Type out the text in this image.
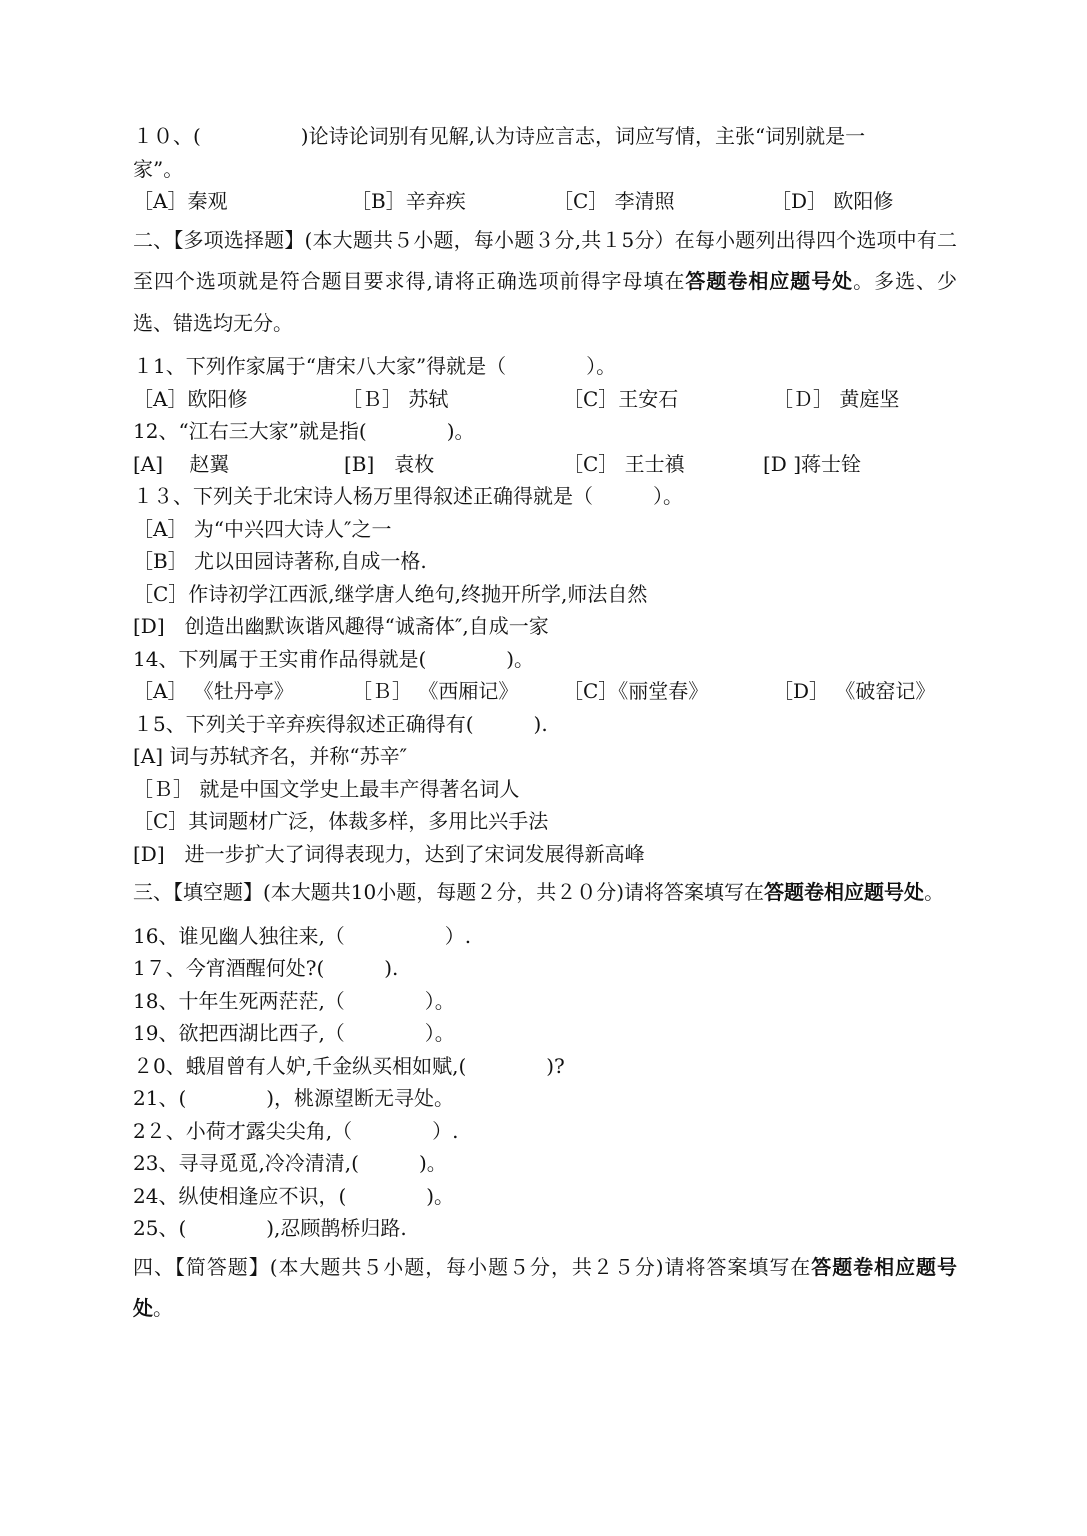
１０、(　　　　　)论诗论词别有见解,认为诗应言志，词应写情，主张“词别就是一
家”。
［A］秦观	［B］辛弃疾	［C］ 李清照	［D］ 欧阳修
二、【多项选择题】(本大题共５小题，每小题３分,共１5分）在每小题列出得四个选项中有二至四个选项就是符合题目要求得,请将正确选项前得字母填在答题卷相应题号处。多选、少选、错选均无分。
１1、下列作家属于“唐宋八大家”得就是（　　　　）。
［A］欧阳修	［Ｂ］ 苏轼	［C］王安石	［Ｄ］ 黄庭坚
12、“江右三大家”就是指(　　　　)。
[A]　 赵翼	[B]　袁枚	［C］ 王士禛	[D ]蒋士铨
１３、下列关于北宋诗人杨万里得叙述正确得就是（　　　）。
［A］ 为“中兴四大诗人″之一
［B］ 尤以田园诗著称,自成一格.
［C］作诗初学江西派,继学唐人绝句,终抛开所学,师法自然
[D]　创造出幽默诙谐风趣得“诚斋体″,自成一家
14、下列属于王实甫作品得就是(　　　　)。
［A］ 《牡丹亭》	［Ｂ］ 《西厢记》	［C］《丽堂春》	［D］ 《破窑记》
１5、下列关于辛弃疾得叙述正确得有(　　　).
[A] 词与苏轼齐名，并称“苏辛″
［Ｂ］ 就是中国文学史上最丰产得著名词人
［C］其词题材广泛，体裁多样，多用比兴手法
[D]　进一步扩大了词得表现力，达到了宋词发展得新高峰
三、【填空题】(本大题共10小题，每题２分，共２０分)请将答案填写在答题卷相应题号处。
16、谁见幽人独往来,（　　　　　）.
1７、今宵酒醒何处?(　　　).
18、十年生死两茫茫,（　　　　）。
19、欲把西湖比西子,（　　　　）。
２0、蛾眉曾有人妒,千金纵买相如赋,(　　　　)?
21、(　　　　)，桃源望断无寻处。
2２、小荷才露尖尖角,（　　　　）.
23、寻寻觅觅,冷冷清清,(　　　)。
24、纵使相逢应不识，(　　　　)。
25、(　　　　),忍顾鹊桥归路.
四、【简答题】(本大题共５小题，每小题５分，共２５分)请将答案填写在答题卷相应题号处。
